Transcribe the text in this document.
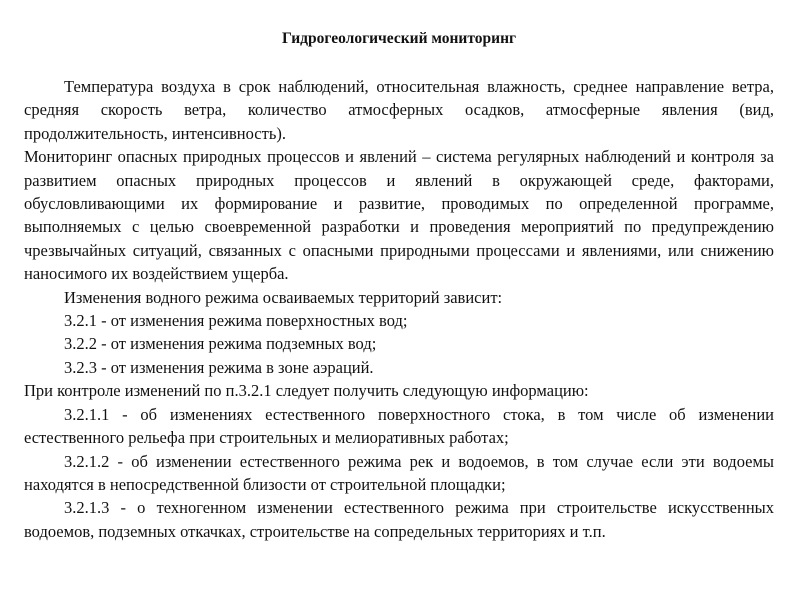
Гидрогеологический мониторинг

Температура воздуха в срок наблюдений, относительная влажность, среднее направление ветра, средняя скорость ветра, количество атмосферных осадков, атмосферные явления (вид, продолжительность, интенсивность).

Мониторинг опасных природных процессов и явлений – система регулярных наблюдений и контроля за развитием опасных природных процессов и явлений в окружающей среде, факторами, обусловливающими их формирование и развитие, проводимых по определенной программе, выполняемых с целью своевременной разработки и проведения мероприятий по предупреждению чрезвычайных ситуаций, связанных с опасными природными процессами и явлениями, или снижению наносимого их воздействием ущерба.

Изменения водного режима осваиваемых территорий зависит:

3.2.1 - от изменения режима поверхностных вод;

3.2.2 - от изменения режима подземных вод;

3.2.3 - от изменения режима в зоне аэраций.

При контроле изменений по п.3.2.1 следует получить следующую информацию:

3.2.1.1 - об изменениях естественного поверхностного стока, в том числе об изменении естественного рельефа при строительных и мелиоративных работах;

3.2.1.2 - об изменении естественного режима рек и водоемов, в том случае если эти водоемы находятся в непосредственной близости от строительной площадки;

3.2.1.3 - о техногенном изменении естественного режима при строительстве искусственных водоемов, подземных откачках, строительстве на сопредельных территориях и т.п.
